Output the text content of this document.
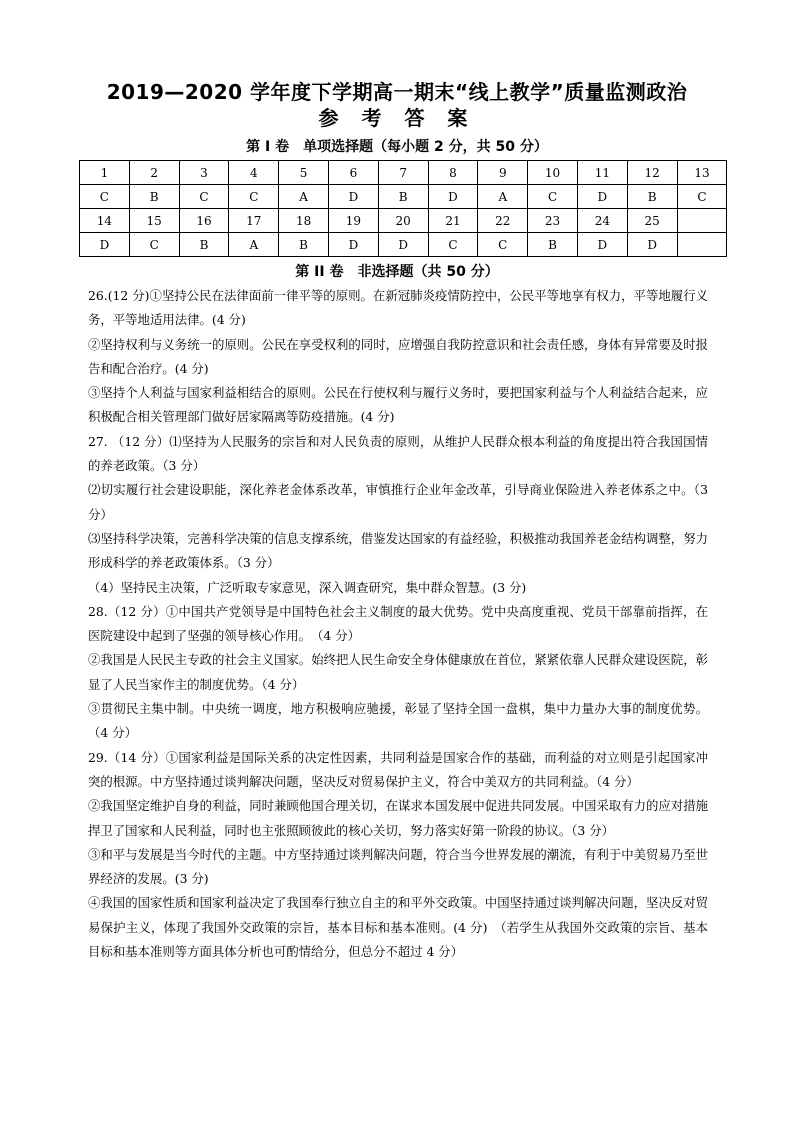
2019—2020 学年度下学期高一期末“线上教学”质量监测政治
参 考 答 案
第 I 卷　单项选择题（每小题 2 分，共 50 分）
1	2	3	4	5	6	7	8	9	10	11	12	13
C	B	C	C	A	D	B	D	A	C	D	B	C
14	15	16	17	18	19	20	21	22	23	24	25	
D	C	B	A	B	D	D	C	C	B	D	D	
第 II 卷　非选择题（共 50 分）

26.(12 分)①坚持公民在法律面前一律平等的原则。在新冠肺炎疫情防控中，公民平等地享有权力，平等地履行义务，平等地适用法律。(4 分)

②坚持权利与义务统一的原则。公民在享受权利的同时，应增强自我防控意识和社会责任感，身体有异常要及时报告和配合治疗。(4 分)

③坚持个人利益与国家利益相结合的原则。公民在行使权利与履行义务时，要把国家利益与个人利益结合起来，应积极配合相关管理部门做好居家隔离等防疫措施。(4 分)

27. （12 分）⑴坚持为人民服务的宗旨和对人民负责的原则，从维护人民群众根本利益的角度提出符合我国国情的养老政策。（3 分）

⑵切实履行社会建设职能，深化养老金体系改革，审慎推行企业年金改革，引导商业保险进入养老体系之中。（3 分）

⑶坚持科学决策，完善科学决策的信息支撑系统，借鉴发达国家的有益经验，积极推动我国养老金结构调整，努力形成科学的养老政策体系。（3 分）

（4）坚持民主决策，广泛听取专家意见，深入调查研究，集中群众智慧。(3 分)

28.（12 分）①中国共产党领导是中国特色社会主义制度的最大优势。党中央高度重视、党员干部靠前指挥，在医院建设中起到了坚强的领导核心作用。　（4 分）

②我国是人民民主专政的社会主义国家。始终把人民生命安全身体健康放在首位，紧紧依靠人民群众建设医院，彰显了人民当家作主的制度优势。（4 分）

③贯彻民主集中制。中央统一调度，地方积极响应驰援，彰显了坚持全国一盘棋，集中力量办大事的制度优势。（4 分）

29.（14 分）①国家利益是国际关系的决定性因素，共同利益是国家合作的基础，而利益的对立则是引起国家冲突的根源。中方坚持通过谈判解决问题，坚决反对贸易保护主义，符合中美双方的共同利益。（4 分）

②我国坚定维护自身的利益，同时兼顾他国合理关切，在谋求本国发展中促进共同发展。中国采取有力的应对措施捍卫了国家和人民利益，同时也主张照顾彼此的核心关切，努力落实好第一阶段的协议。（3 分）

③和平与发展是当今时代的主题。中方坚持通过谈判解决问题，符合当今世界发展的潮流，有利于中美贸易乃至世界经济的发展。(3 分)

④我国的国家性质和国家利益决定了我国奉行独立自主的和平外交政策。中国坚持通过谈判解决问题，坚决反对贸易保护主义，体现了我国外交政策的宗旨，基本目标和基本准则。(4 分)　（若学生从我国外交政策的宗旨、基本目标和基本准则等方面具体分析也可酌情给分，但总分不超过 4 分）
